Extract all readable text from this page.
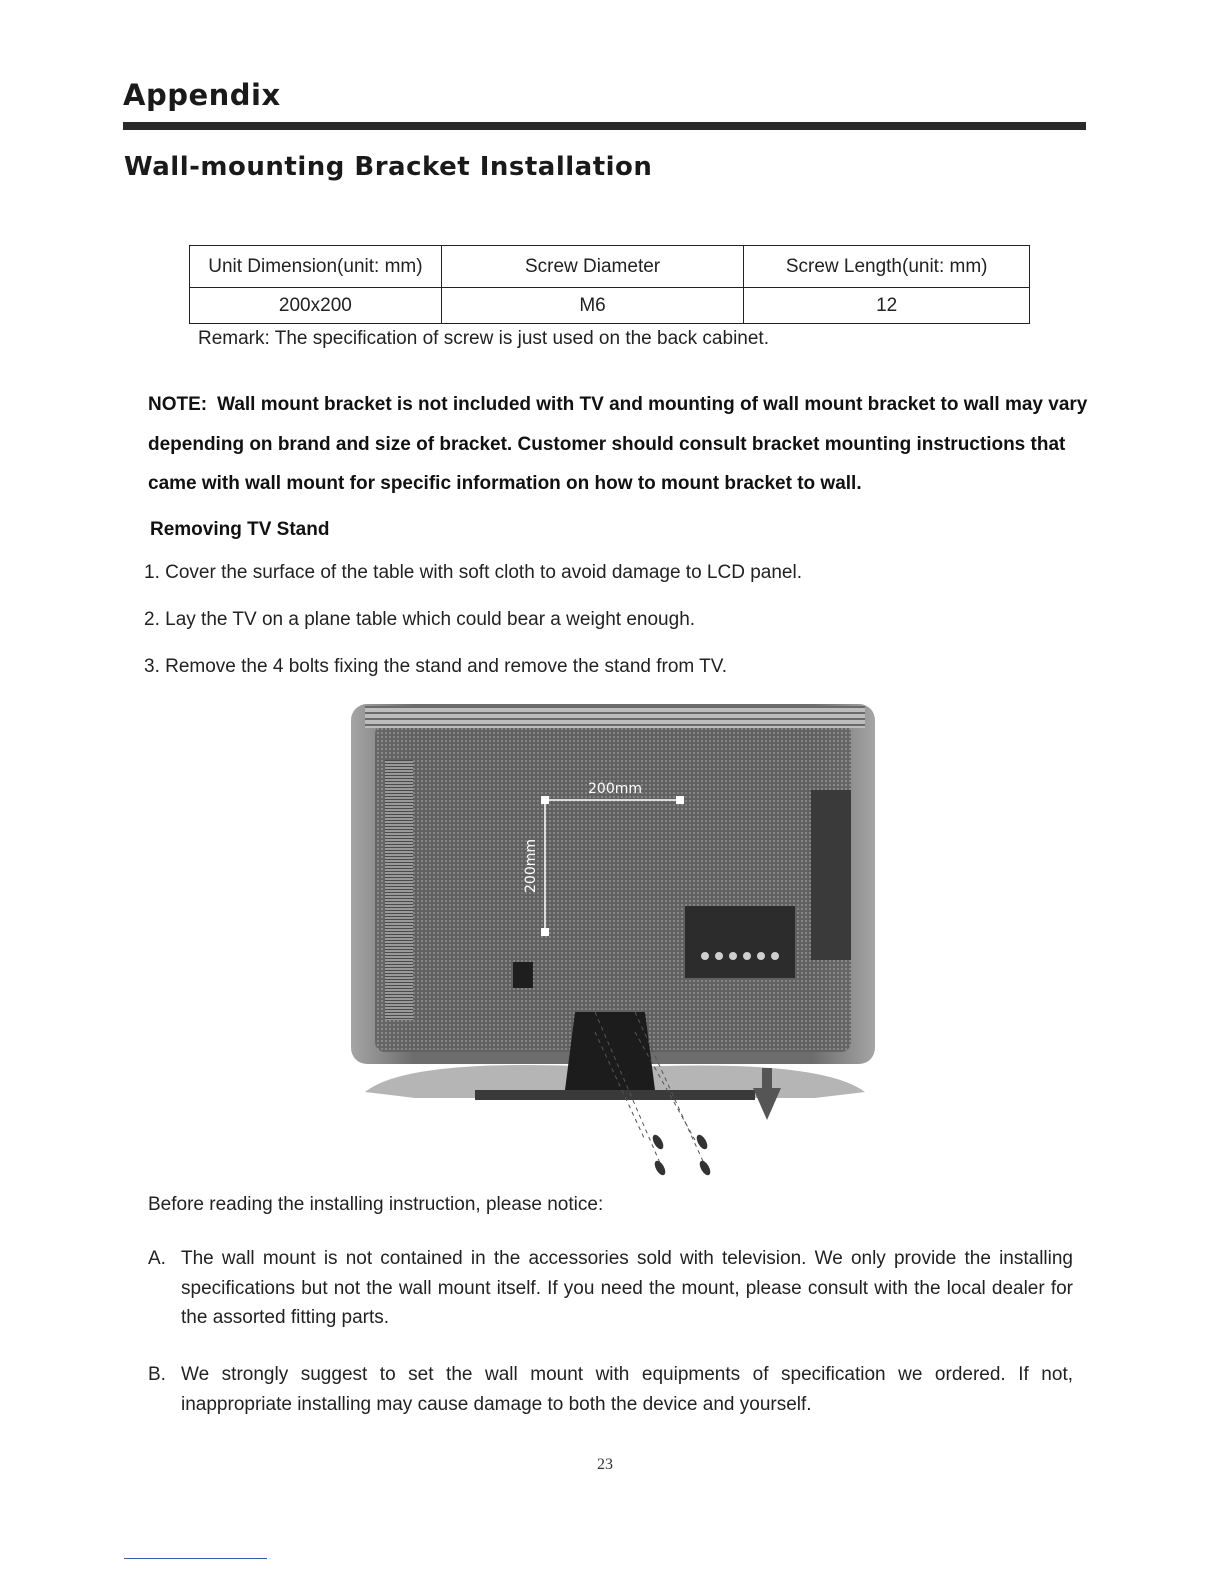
Appendix
Wall-mounting Bracket Installation
Unit Dimension(unit: mm)	Screw Diameter	Screw Length(unit: mm)
200x200	M6	12
Remark: The specification of screw is just used on the back cabinet.

NOTE: Wall mount bracket is not included with TV and mounting of wall mount bracket to wall may vary depending on brand and size of bracket. Customer should consult bracket mounting instructions that came with wall mount for specific information on how to mount bracket to wall.

Removing TV Stand
1. Cover the surface of the table with soft cloth to avoid damage to LCD panel.
2. Lay the TV on a plane table which could bear a weight enough.
3. Remove the 4 bolts fixing the stand and remove the stand from TV.
200mm
200mm
Before reading the installing instruction, please notice:
A. The wall mount is not contained in the accessories sold with television. We only provide the installing specifications but not the wall mount itself. If you need the mount, please consult with the local dealer for the assorted fitting parts.
B. We strongly suggest to set the wall mount with equipments of specification we ordered. If not, inappropriate installing may cause damage to both the device and yourself.
23
